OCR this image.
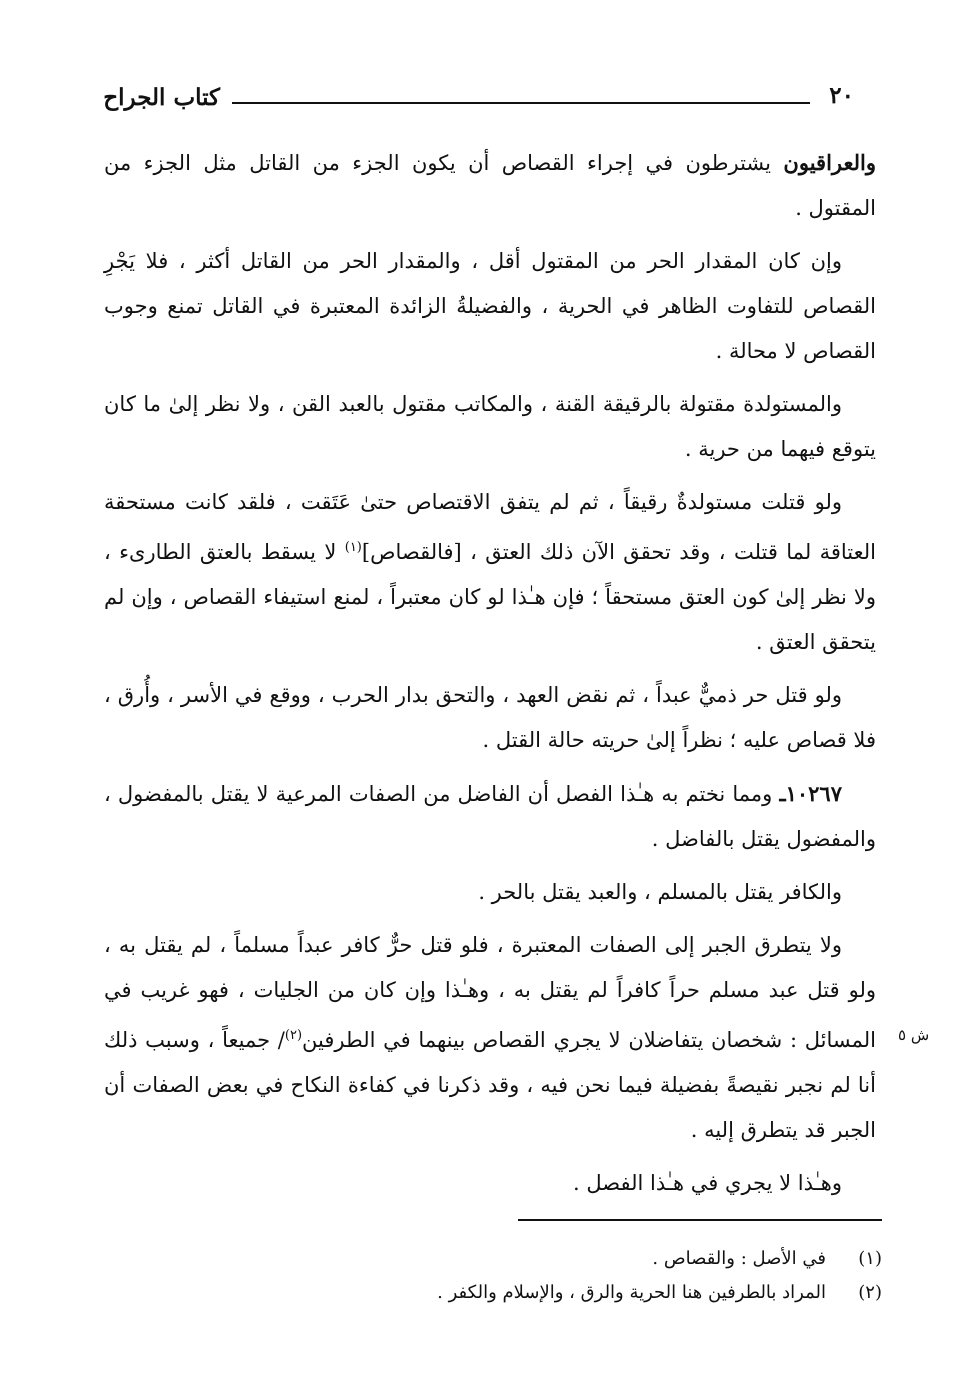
كتاب الجراح	٢٠

والعراقيون يشترطون في إجراء القصاص أن يكون الجزء من القاتل مثل الجزء من المقتول .

وإن كان المقدار الحر من المقتول أقل ، والمقدار الحر من القاتل أكثر ، فلا يَجْرِ القصاص للتفاوت الظاهر في الحرية ، والفضيلةُ الزائدة المعتبرة في القاتل تمنع وجوب القصاص لا محالة .

والمستولدة مقتولة بالرقيقة القنة ، والمكاتب مقتول بالعبد القن ، ولا نظر إلىٰ ما كان يتوقع فيهما من حرية .

ولو قتلت مستولدةٌ رقيقاً ، ثم لم يتفق الاقتصاص حتىٰ عَتَقت ، فلقد كانت مستحقة العتاقة لما قتلت ، وقد تحقق الآن ذلك العتق ، [فالقصاص]$^{(١)}$ لا يسقط بالعتق الطارىء ، ولا نظر إلىٰ كون العتق مستحقاً ؛ فإن هـٰذا لو كان معتبراً ، لمنع استيفاء القصاص ، وإن لم يتحقق العتق .

ولو قتل حر ذميٌّ عبداً ، ثم نقض العهد ، والتحق بدار الحرب ، ووقع في الأسر ، وأُرق ، فلا قصاص عليه ؛ نظراً إلىٰ حريته حالة القتل .

١٠٢٦٧ـ ومما نختم به هـٰذا الفصل أن الفاضل من الصفات المرعية لا يقتل بالمفضول ، والمفضول يقتل بالفاضل .

والكافر يقتل بالمسلم ، والعبد يقتل بالحر .

ولا يتطرق الجبر إلى الصفات المعتبرة ، فلو قتل حرٌّ كافر عبداً مسلماً ، لم يقتل به ، ولو قتل عبد مسلم حراً كافراً لم يقتل به ، وهـٰذا وإن كان من الجليات ، فهو غريب في المسائل : شخصان يتفاضلان لا يجري القصاص بينهما في الطرفين$^{(٢)}$/ جميعاً ، وسبب ذلك أنا لم نجبر نقيصةً بفضيلة فيما نحن فيه ، وقد ذكرنا في كفاءة النكاح في بعض الصفات أن الجبر قد يتطرق إليه .

وهـٰذا لا يجري في هـٰذا الفصل .

ش ٥
(١)
في الأصل : والقصاص .
(٢)
المراد بالطرفين هنا الحرية والرق ، والإسلام والكفر .
